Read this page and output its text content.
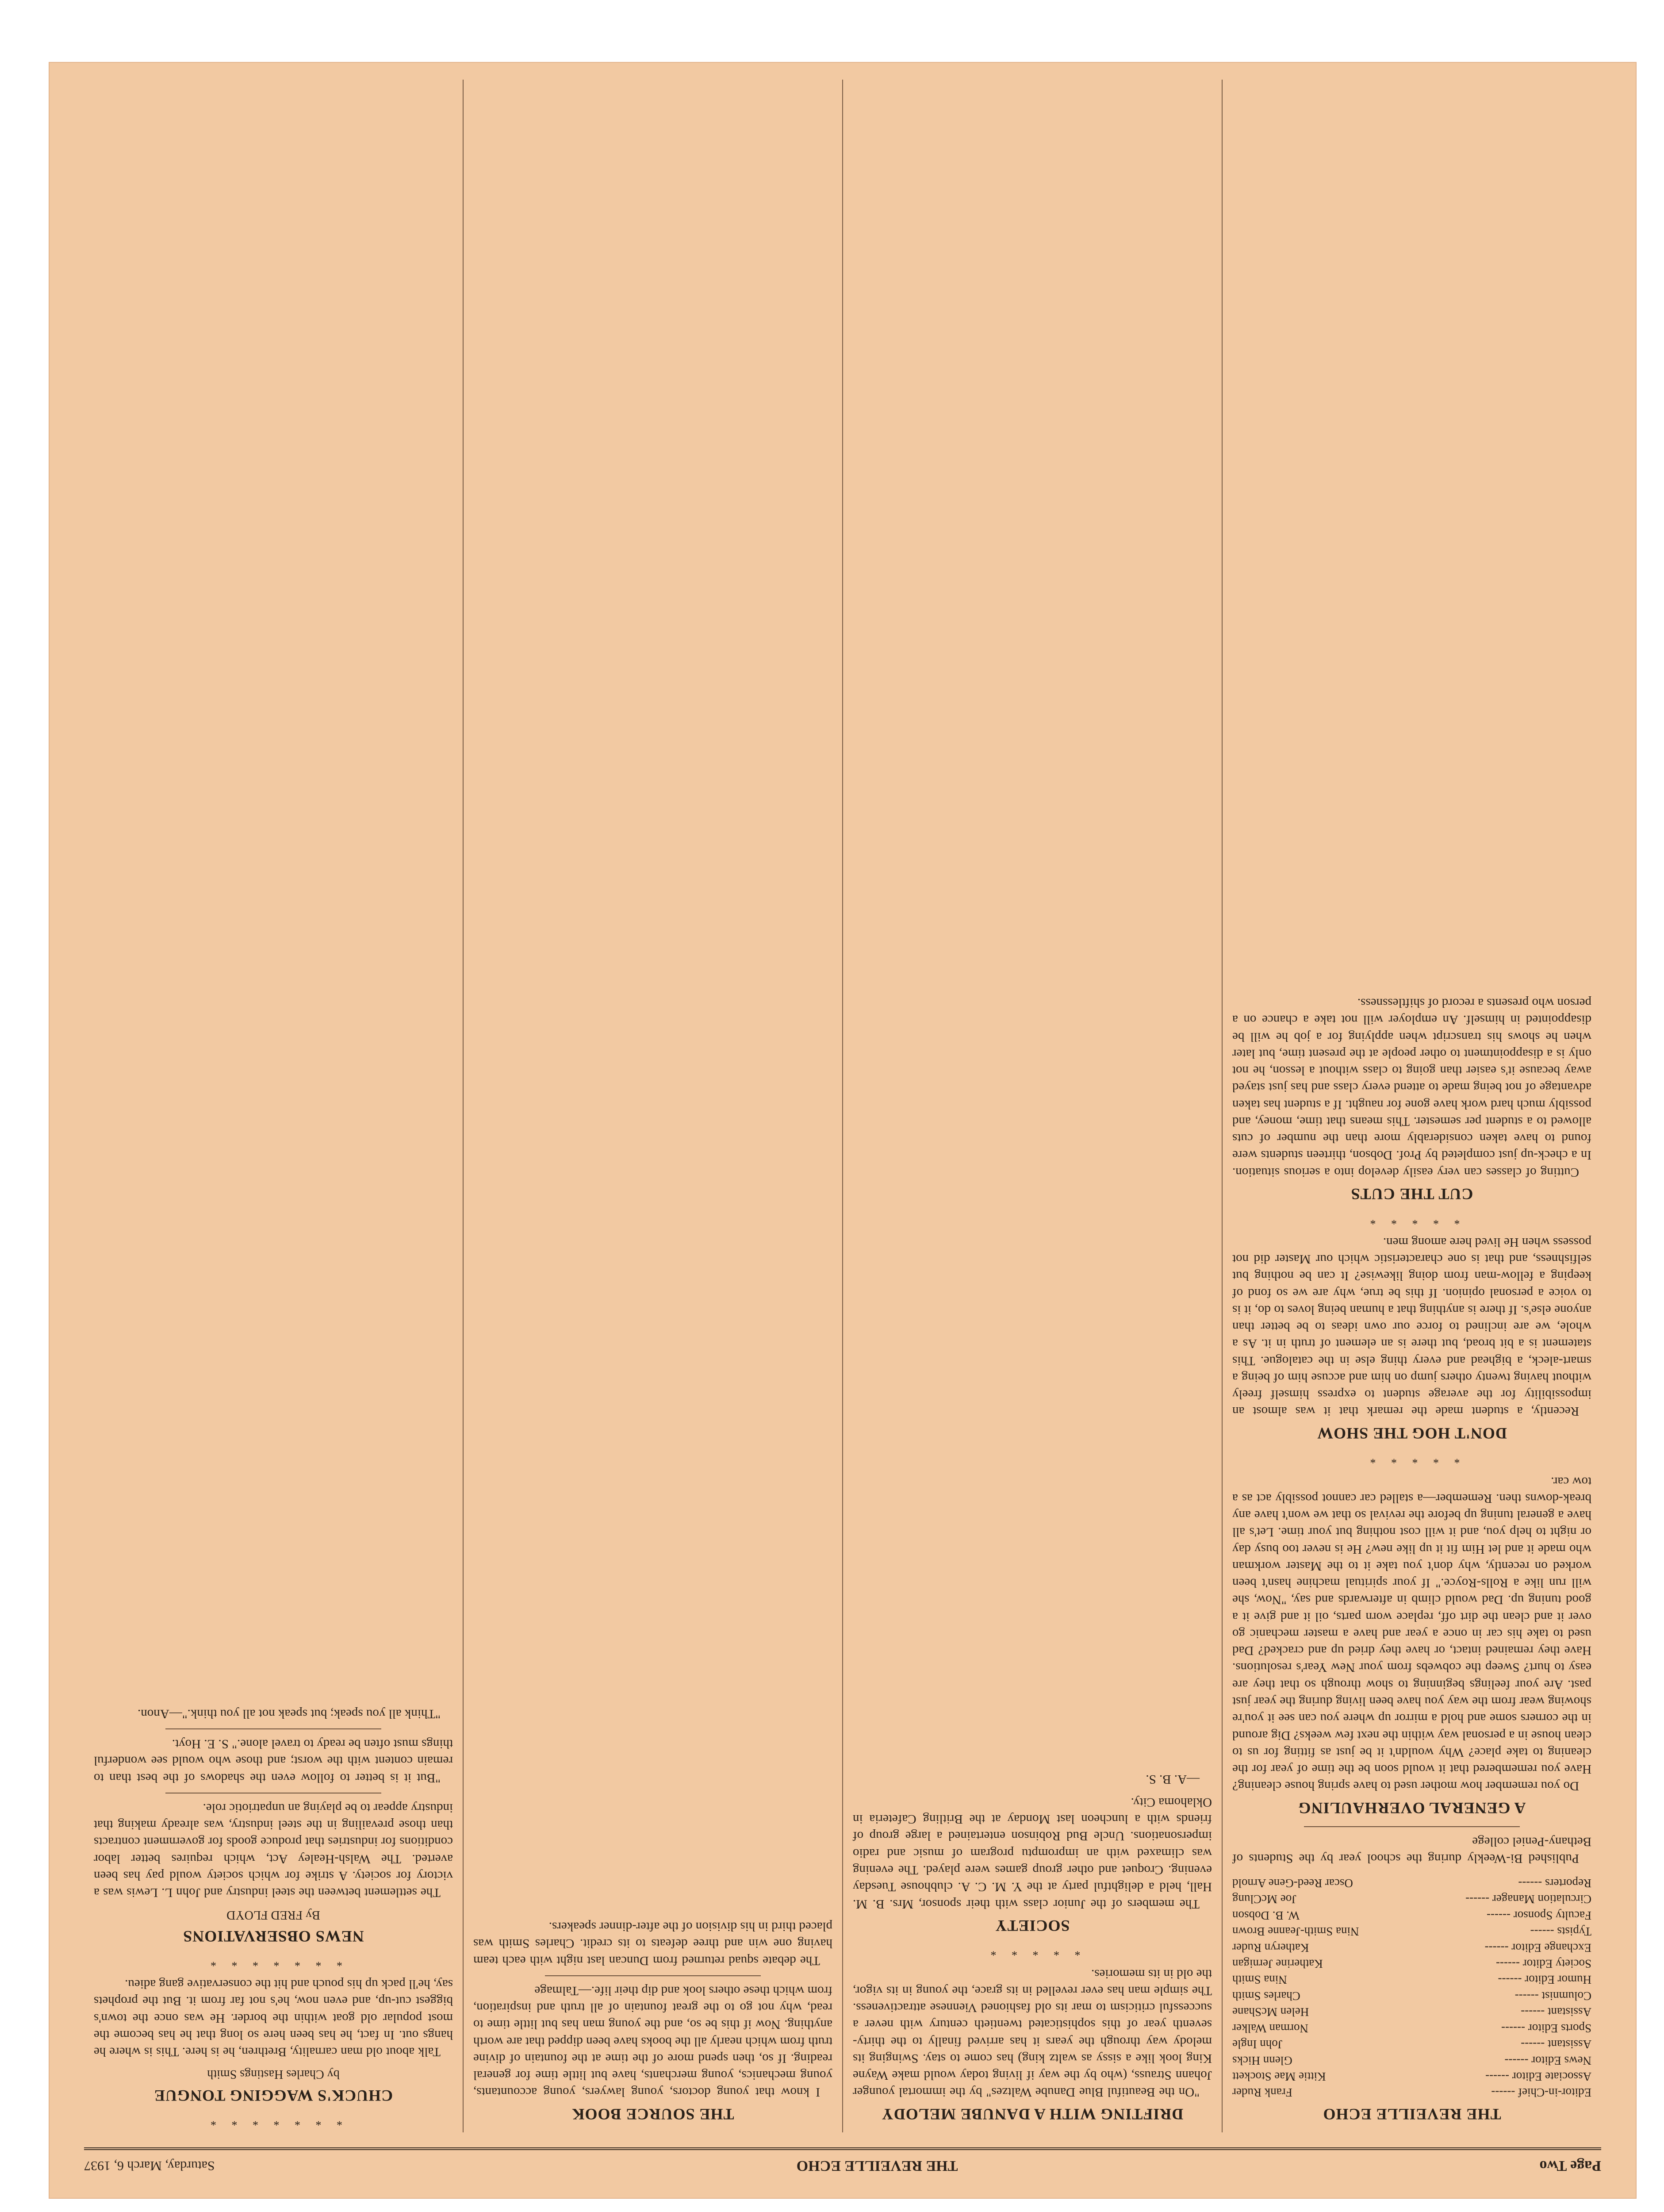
Page Two
THE REVEILLE ECHO
Saturday, March 6, 1937
THE REVEILLE ECHO
Editor-in-Chief ------
Frank Ruder
Associate Editor ------
Kittie Mae Stockett
News Editor ------
Glenn Hicks
Assistant ------
John Ingle
Sports Editor ------
Norman Walker
Assistant ------
Helen McShane
Columnist ------
Charles Smith
Humor Editor ------
Nina Smith
Society Editor ------
Katherine Jernigan
Exchange Editor ------
Katheryn Ruder
Typists ------
Nina Smith-Jeanne Brown
Faculty Sponsor ------
W. B. Dobson
Circulation Manager ------
Joe McClung
Reporters ------
Oscar Reed-Gene Arnold

Published Bi-Weekly during the school year by the Students of Bethany-Peniel college

A GENERAL OVERHAULING

Do you remember how mother used to have spring house cleaning? Have you remembered that it would soon be the time of year for the cleaning to take place? Why wouldn't it be just as fitting for us to clean house in a personal way within the next few weeks? Dig around in the corners some and hold a mirror up where you can see it you're showing wear from the way you have been living during the year just past. Are your feelings beginning to show through so that they are easy to hurt? Sweep the cobwebs from your New Year's resolutions. Have they remained intact, or have they dried up and cracked? Dad used to take his car in once a year and have a master mechanic go over it and clean the dirt off, replace worn parts, oil it and give it a good tuning up. Dad would climb in afterwards and say, "Now, she will run like a Rolls-Royce." If your spiritual machine hasn't been worked on recently, why don't you take it to the Master workman who made it and let Him fit it up like new? He is never too busy day or night to help you, and it will cost nothing but your time. Let's all have a general tuning up before the revival so that we won't have any break-downs then. Remember—a stalled car cannot possibly act as a tow car.

* * * * *
DON'T HOG THE SHOW

Recently, a student made the remark that it was almost an impossibility for the average student to express himself freely without having twenty others jump on him and accuse him of being a smart-aleck, a bighead and every thing else in the catalogue. This statement is a bit broad, but there is an element of truth in it. As a whole, we are inclined to force our own ideas to be better than anyone else's. If there is anything that a human being loves to do, it is to voice a personal opinion. If this be true, why are we so fond of keeping a fellow-man from doing likewise? It can be nothing but selfishness, and that is one characteristic which our Master did not possess when He lived here among men.

* * * * *
CUT THE CUTS

Cutting of classes can very easily develop into a serious situation. In a check-up just completed by Prof. Dobson, thirteen students were found to have taken considerably more than the number of cuts allowed to a student per semester. This means that time, money, and possibly much hard work have gone for naught. If a student has taken advantage of not being made to attend every class and has just stayed away because it's easier than going to class without a lesson, he not only is a disappointment to other people at the present time, but later when he shows his transcript when applying for a job he will be disappointed in himself. An employer will not take a chance on a person who presents a record of shiftlessness.

DRIFTING WITH A DANUBE MELODY

"On the Beautiful Blue Danube Waltzes" by the immortal younger Johann Strauss, (who by the way if living today would make Wayne King look like a sissy as waltz king) has come to stay. Swinging its melody way through the years it has arrived finally to the thirty-seventh year of this sophisticated twentieth century with never a successful criticism to mar its old fashioned Viennese attractiveness. The simple man has ever revelled in its grace, the young in its vigor, the old in its memories.

* * * * *
SOCIETY

The members of the Junior class with their sponsor, Mrs. B. M. Hall, held a delightful party at the Y. M. C. A. clubhouse Tuesday evening. Croquet and other group games were played. The evening was climaxed with an impromptu program of music and radio impersonations. Uncle Bud Robinson entertained a large group of friends with a luncheon last Monday at the Britling Cafeteria in Oklahoma City.

—A. B. S.

THE SOURCE BOOK

I know that young doctors, young lawyers, young accountants, young mechanics, young merchants, have but little time for general reading. If so, then spend more of the time at the fountain of divine truth from which nearly all the books have been dipped that are worth anything. Now if this be so, and the young man has but little time to read, why not go to the great fountain of all truth and inspiration, from which these others look and dip their life.—Talmage

The debate squad returned from Duncan last night with each team having one win and three defeats to its credit. Charles Smith was placed third in his division of the after-dinner speakers.

* * * * * * *
CHUCK'S WAGGING TONGUE
by Charles Hastings Smith

Talk about old man carnality, Brethren, he is here. This is where he hangs out. In fact, he has been here so long that he has become the most popular old goat within the border. He was once the town's biggest cut-up, and even now, he's not far from it. But the prophets say, he'll pack up his pouch and hit the conservative gang adieu.

* * * * * * *
NEWS OBSERVATIONS
By FRED FLOYD

The settlement between the steel industry and John L. Lewis was a victory for society. A strike for which society would pay has been averted. The Walsh-Healey Act, which requires better labor conditions for industries that produce goods for government contracts than those prevailing in the steel industry, was already making that industry appear to be playing an unpatriotic role.

"But it is better to follow even the shadows of the best than to remain content with the worst; and those who would see wonderful things must often be ready to travel alone." S. E. Hoyt.

"Think all you speak; but speak not all you think."—Anon.
